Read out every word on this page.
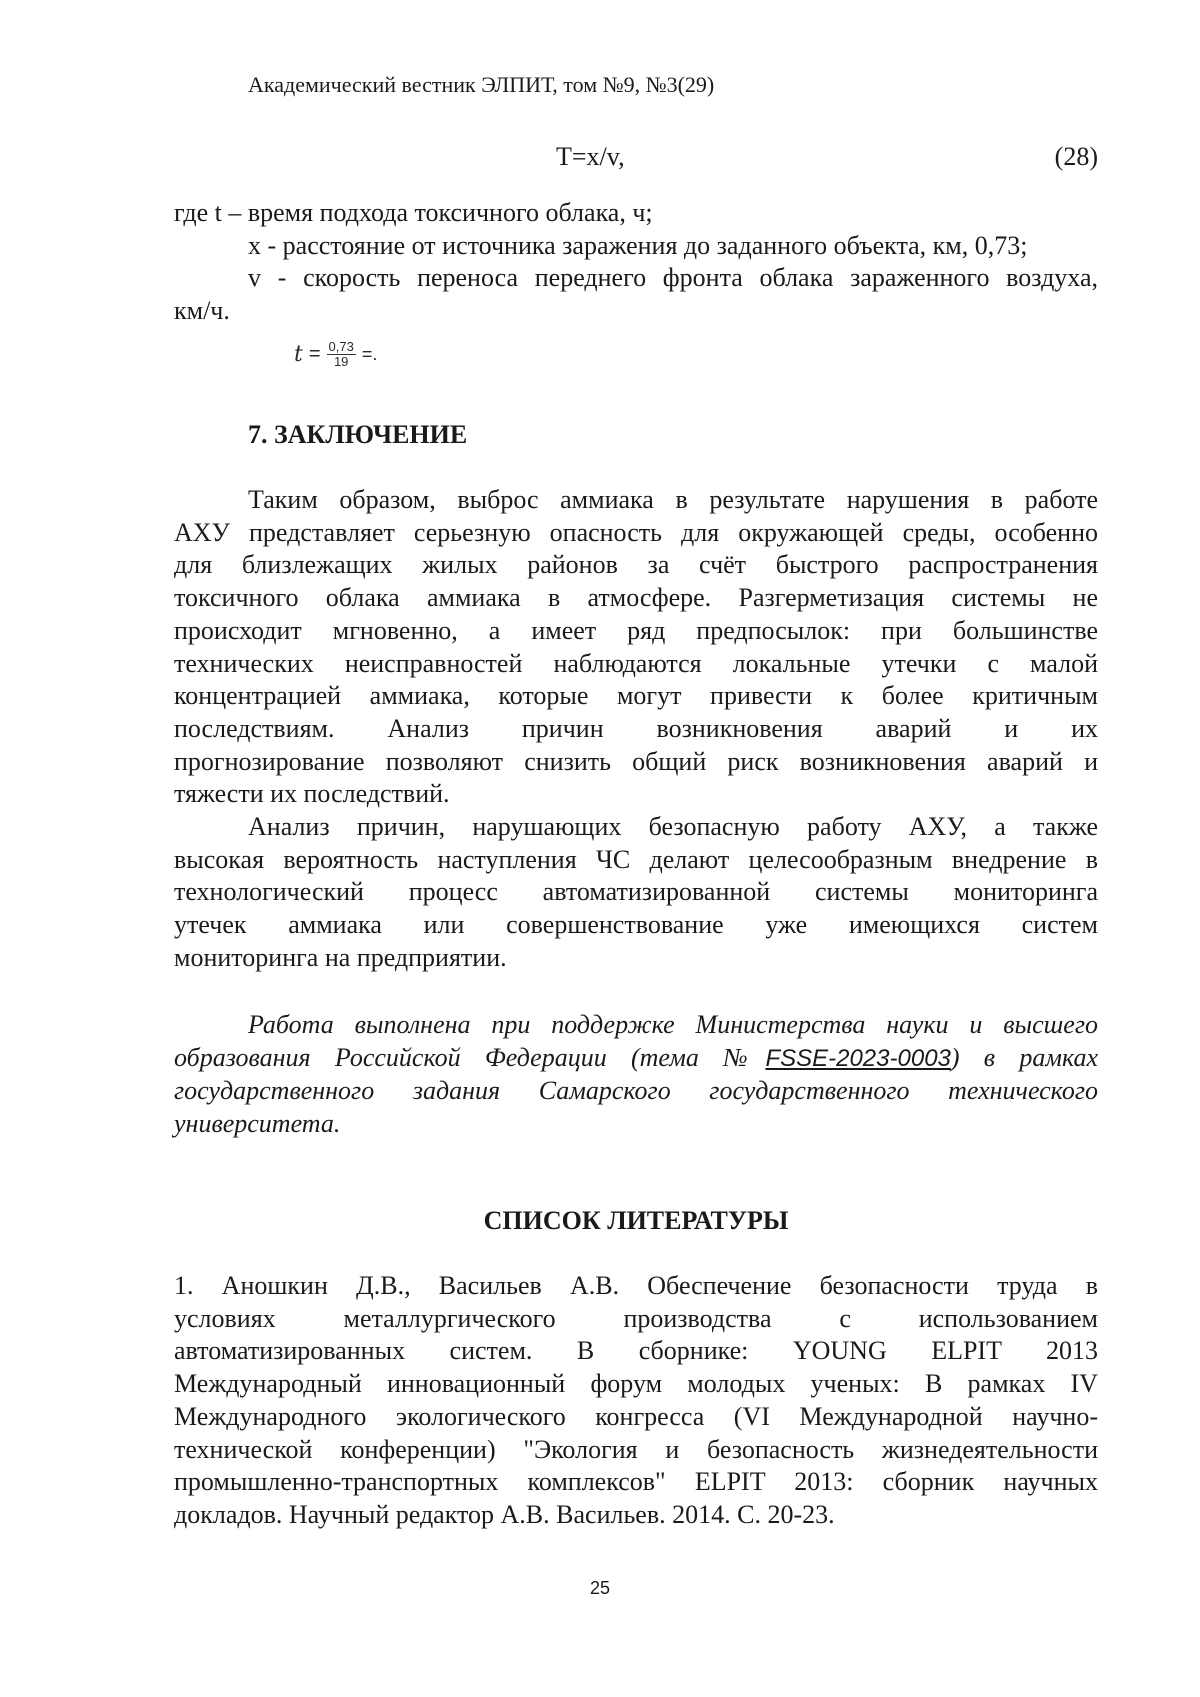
Академический вестник ЭЛПИТ, том №9, №3(29)
T=x/v,	(28)
где t – время подхода токсичного облака, ч;
x - расстояние от источника заражения до заданного объекта, км, 0,73;
v - скорость переноса переднего фронта облака зараженного воздуха,
км/ч.
$t = \frac{0,73}{19}$ =.
7. ЗАКЛЮЧЕНИЕ
Таким образом, выброс аммиака в результате нарушения в работе
АХУ представляет серьезную опасность для окружающей среды, особенно
для близлежащих жилых районов за счёт быстрого распространения
токсичного облака аммиака в атмосфере. Разгерметизация системы не
происходит мгновенно, а имеет ряд предпосылок: при большинстве
технических неисправностей наблюдаются локальные утечки с малой
концентрацией аммиака, которые могут привести к более критичным
последствиям. Анализ причин возникновения аварий и их
прогнозирование позволяют снизить общий риск возникновения аварий и
тяжести их последствий.
Анализ причин, нарушающих безопасную работу АХУ, а также
высокая вероятность наступления ЧС делают целесообразным внедрение в
технологический процесс автоматизированной системы мониторинга
утечек аммиака или совершенствование уже имеющихся систем
мониторинга на предприятии.
Работа выполнена при поддержке Министерства науки и высшего
образования Российской Федерации (тема №FSSE-2023-0003) в рамках
государственного задания Самарского государственного технического
университета.
СПИСОК ЛИТЕРАТУРЫ
1. Аношкин Д.В., Васильев А.В. Обеспечение безопасности труда в
условиях металлургического производства с использованием
автоматизированных систем. В сборнике: YOUNG ELPIT 2013
Международный инновационный форум молодых ученых: В рамках IV
Международного экологического конгресса (VI Международной научно-
технической конференции) "Экология и безопасность жизнедеятельности
промышленно-транспортных комплексов" ELPIT 2013: сборник научных
докладов. Научный редактор А.В. Васильев. 2014. С. 20-23.
25
